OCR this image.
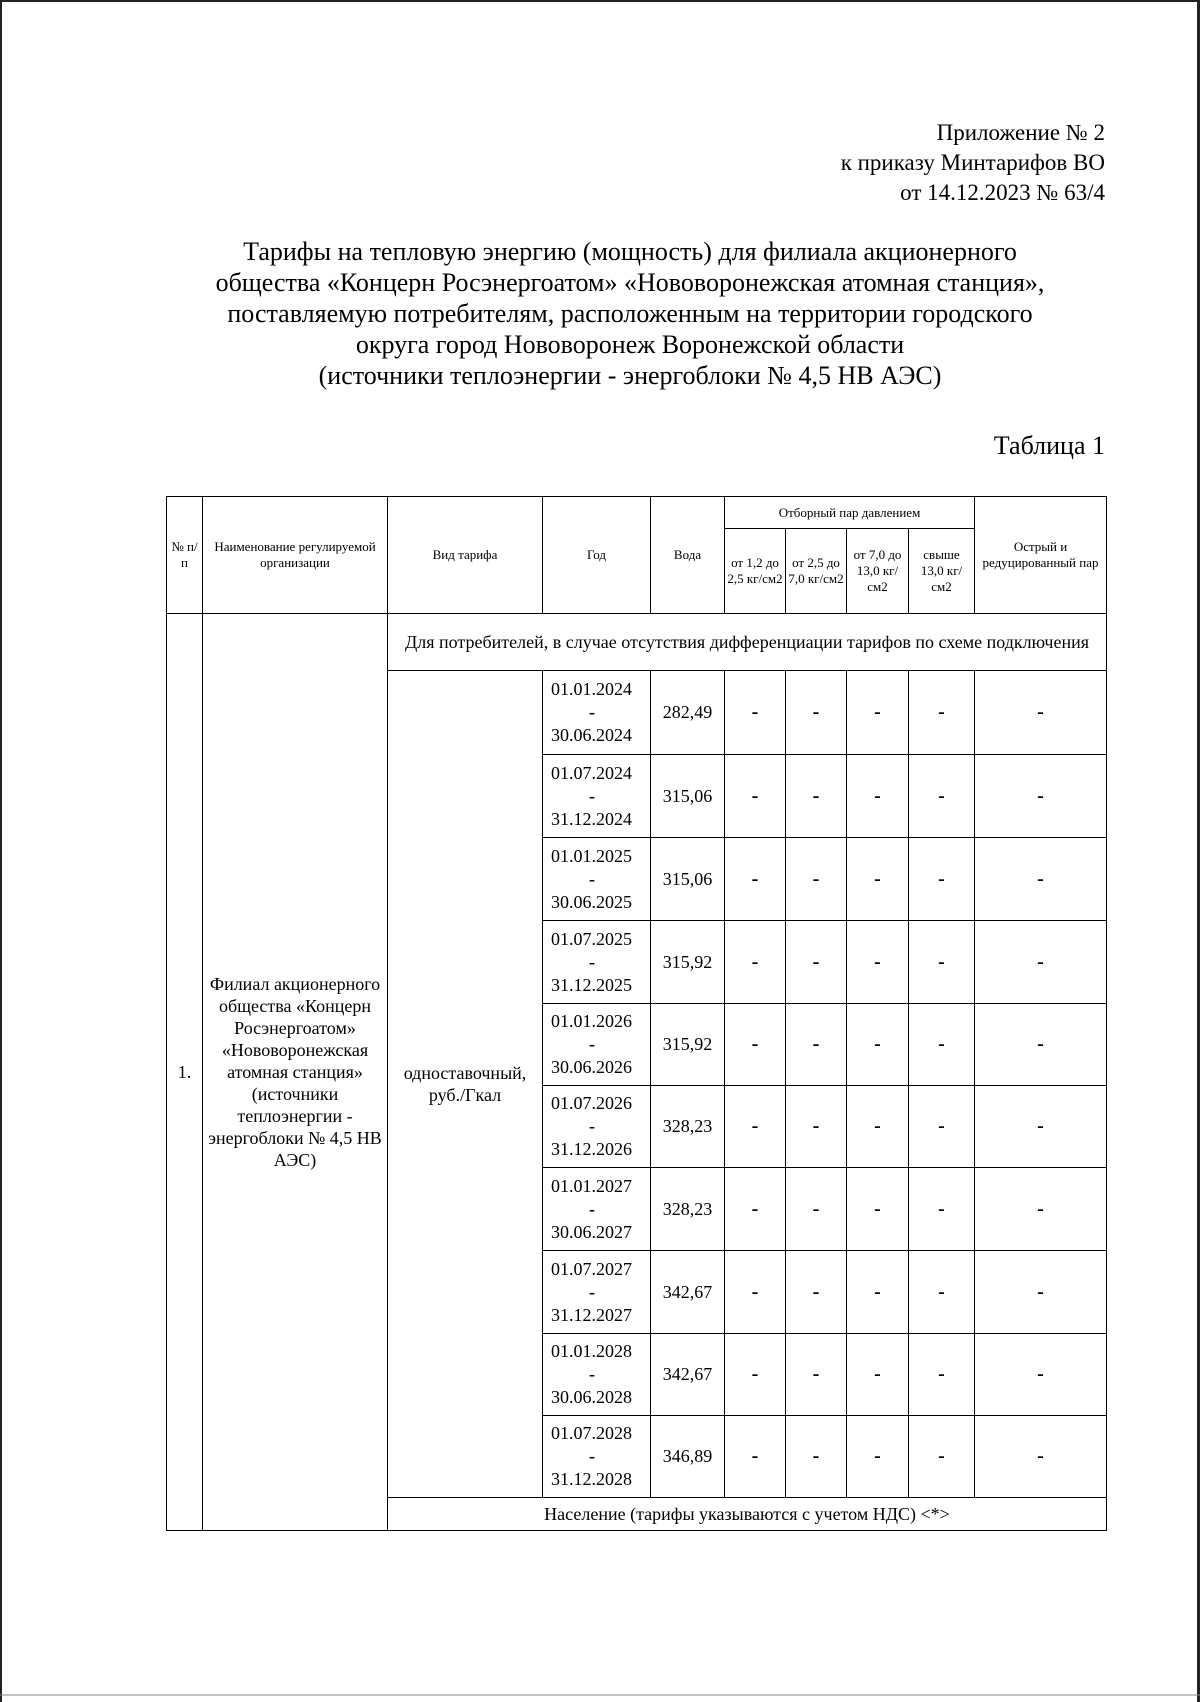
Приложение № 2
к приказу Минтарифов ВО
от 14.12.2023 № 63/4
Тарифы на тепловую энергию (мощность) для филиала акционерного
общества «Концерн Росэнергоатом» «Нововоронежская атомная станция»,
поставляемую потребителям, расположенным на территории городского
округа город Нововоронеж Воронежской области
(источники теплоэнергии - энергоблоки № 4,5 НВ АЭС)
Таблица 1
№ п/п	Наименование регулируемой организации	Вид тарифа	Год	Вода	Отборный пар давлением				Острый и редуцированный пар
					от 1,2 до 2,5 кг/см2	от 2,5 до 7,0 кг/см2	от 7,0 до 13,0 кг/см2	свыше 13,0 кг/см2	
1.	Филиал акционерного общества «Концерн Росэнергоатом» «Нововоронежская атомная станция» (источники теплоэнергии - энергоблоки № 4,5 НВ АЭС)	Для потребителей, в случае отсутствия дифференциации тарифов по схеме подключения							
		одноставочный, руб./Гкал	01.01.2024
-
30.06.2024	282,49	-	-	-	-	-

			01.07.2024
-
31.12.2024	315,06	-	-	-	-	-

			01.01.2025
-
30.06.2025	315,06	-	-	-	-	-

			01.07.2025
-
31.12.2025	315,92	-	-	-	-	-

			01.01.2026
-
30.06.2026	315,92	-	-	-	-	-

			01.07.2026
-
31.12.2026	328,23	-	-	-	-	-

			01.01.2027
-
30.06.2027	328,23	-	-	-	-	-

			01.07.2027
-
31.12.2027	342,67	-	-	-	-	-

			01.01.2028
-
30.06.2028	342,67	-	-	-	-	-

			01.07.2028
-
31.12.2028	346,89	-	-	-	-	-
		Население (тарифы указываются с учетом НДС) <*>							
